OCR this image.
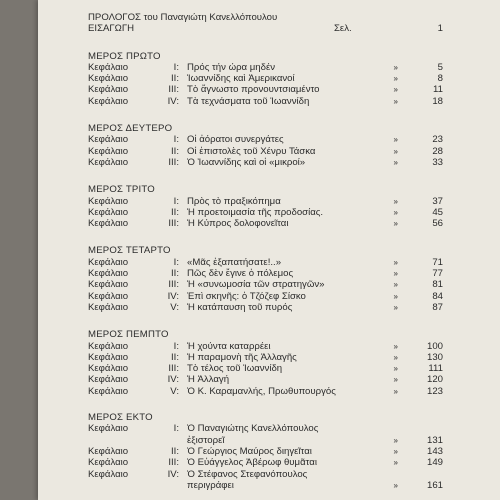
ΠΡΟΛΟΓΟΣ του Παναγιώτη Κανελλόπουλου
ΕΙΣΑΓΩΓΗ	Σελ.	1
ΜΕΡΟΣ ΠΡΩΤΟ
Κεφάλαιο	I: Πρός τήν ώρα μηδέν	»	5
Κεφάλαιο	II: Ἰωαννίδης καὶ Ἀμερικανοί	»	8
Κεφάλαιο	III: Τὸ ἄγνωστο προνουντσιαμέντο	»	11
Κεφάλαιο	IV: Τὰ τεχνάσματα τοῦ Ἰωαννίδη	»	18
ΜΕΡΟΣ ΔΕΥΤΕΡΟ
Κεφάλαιο	I: Οἱ ἀόρατοι συνεργάτες	»	23
Κεφάλαιο	II: Οἱ ἐπιστολὲς τοῦ Χένρυ Τάσκα	»	28
Κεφάλαιο	III: Ὁ Ἰωαννίδης καὶ οἱ «μικροί»	»	33
ΜΕΡΟΣ ΤΡΙΤΟ
Κεφάλαιο	I: Πρὸς τὸ πραξικόπημα	»	37
Κεφάλαιο	II: Ἡ προετοιμασία τῆς προδοσίας.	»	45
Κεφάλαιο	III: Ἡ Κύπρος δολοφονεῖται	»	56
ΜΕΡΟΣ ΤΕΤΑΡΤΟ
Κεφάλαιο	I: «Μᾶς ἐξαπατήσατε!..»	»	71
Κεφάλαιο	II: Πῶς δὲν ἔγινε ὁ πόλεμος	»	77
Κεφάλαιο	III: Ἡ «συνωμοσία τῶν στρατηγῶν»	»	81
Κεφάλαιο	IV: Ἐπὶ σκηνῆς: ὁ Τζόζεφ Σίσκο	»	84
Κεφάλαιο	V: Ἡ κατάπαυση τοῦ πυρός	»	87
ΜΕΡΟΣ ΠΕΜΠΤΟ
Κεφάλαιο	I: Ἡ χούντα καταρρέει	»	100
Κεφάλαιο	II: Ἡ παραμονὴ τῆς Ἀλλαγῆς	»	130
Κεφάλαιο	III: Τὸ τέλος τοῦ Ἰωαννίδη	»	111
Κεφάλαιο	IV: Ἡ Ἀλλαγή	»	120
Κεφάλαιο	V: Ὁ Κ. Καραμανλής, Πρωθυπουργός	»	123
ΜΕΡΟΣ ΕΚΤΟ
Κεφάλαιο	I: Ὁ Παναγιώτης Κανελλόπουλος
ἐξιστορεῖ	»	131
Κεφάλαιο	II: Ὁ Γεώργιος Μαύρος διηγεῖται	»	143
Κεφάλαιο	III: Ὁ Εὐάγγελος Ἀβέρωφ θυμᾶται	»	149
Κεφάλαιο	IV: Ὁ Στέφανος Στεφανόπουλος
περιγράφει	»	161
